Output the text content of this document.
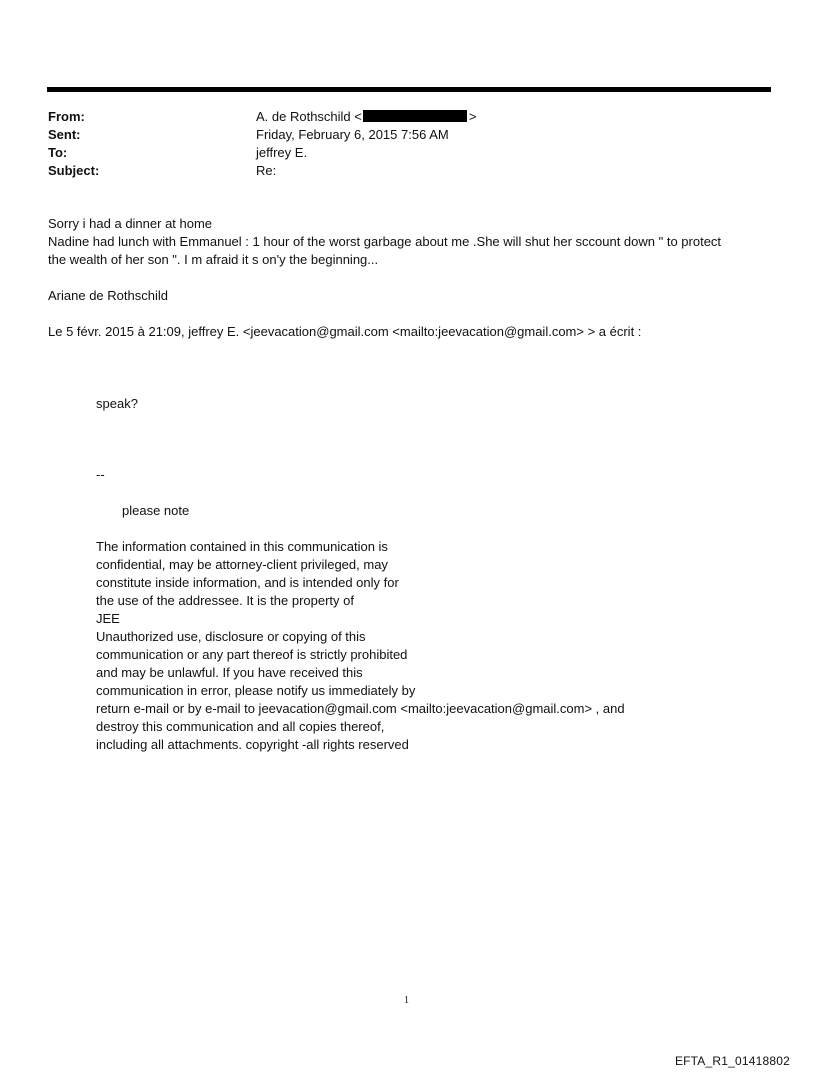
From:	A. de Rothschild <	>
Sent:	Friday, February 6, 2015 7:56 AM
To:	jeffrey E.
Subject:	Re:
Sorry i had a dinner at home
Nadine had lunch with Emmanuel : 1 hour of the worst garbage about me .She will shut her sccount down " to protect
the wealth of her son ". I m afraid it s on'y the beginning...
Ariane de Rothschild
Le 5 févr. 2015 à 21:09, jeffrey E. <jeevacation@gmail.com <mailto:jeevacation@gmail.com> > a écrit :
speak?
--
please note
The information contained in this communication is
confidential, may be attorney-client privileged, may
constitute inside information, and is intended only for
the use of the addressee. It is the property of
JEE
Unauthorized use, disclosure or copying of this
communication or any part thereof is strictly prohibited
and may be unlawful. If you have received this
communication in error, please notify us immediately by
return e-mail or by e-mail to jeevacation@gmail.com <mailto:jeevacation@gmail.com> , and
destroy this communication and all copies thereof,
including all attachments. copyright -all rights reserved
1
EFTA_R1_01418802
